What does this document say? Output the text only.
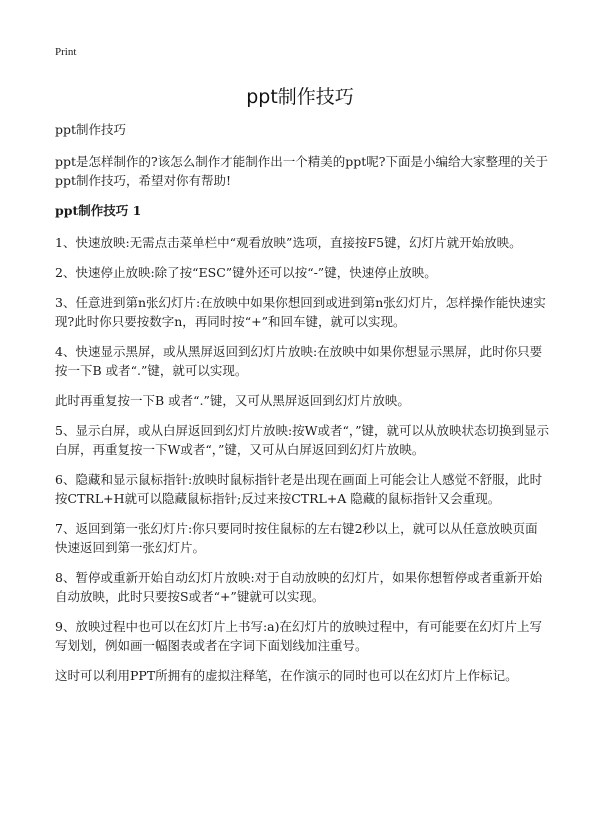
Print
ppt制作技巧

ppt制作技巧

ppt是怎样制作的?该怎么制作才能制作出一个精美的ppt呢?下面是小编给大家整理的关于ppt制作技巧，希望对你有帮助!

ppt制作技巧 1

1、快速放映:无需点击菜单栏中“观看放映”选项，直接按F5键，幻灯片就开始放映。

2、快速停止放映:除了按“ESC”键外还可以按“-”键，快速停止放映。

3、任意进到第n张幻灯片:在放映中如果你想回到或进到第n张幻灯片，怎样操作能快速实现?此时你只要按数字n，再同时按“+”和回车键，就可以实现。

4、快速显示黑屏，或从黑屏返回到幻灯片放映:在放映中如果你想显示黑屏，此时你只要按一下B 或者“.”键，就可以实现。

此时再重复按一下B 或者“.”键，又可从黑屏返回到幻灯片放映。

5、显示白屏，或从白屏返回到幻灯片放映:按W或者“，”键，就可以从放映状态切换到显示白屏，再重复按一下W或者“，”键，又可从白屏返回到幻灯片放映。

6、隐藏和显示鼠标指针:放映时鼠标指针老是出现在画面上可能会让人感觉不舒服，此时按CTRL+H就可以隐藏鼠标指针;反过来按CTRL+A 隐藏的鼠标指针又会重现。

7、返回到第一张幻灯片:你只要同时按住鼠标的左右键2秒以上，就可以从任意放映页面快速返回到第一张幻灯片。

8、暂停或重新开始自动幻灯片放映:对于自动放映的幻灯片，如果你想暂停或者重新开始自动放映，此时只要按S或者“+”键就可以实现。

9、放映过程中也可以在幻灯片上书写:a)在幻灯片的放映过程中，有可能要在幻灯片上写写划划，例如画一幅图表或者在字词下面划线加注重号。

这时可以利用PPT所拥有的虚拟注释笔，在作演示的同时也可以在幻灯片上作标记。
